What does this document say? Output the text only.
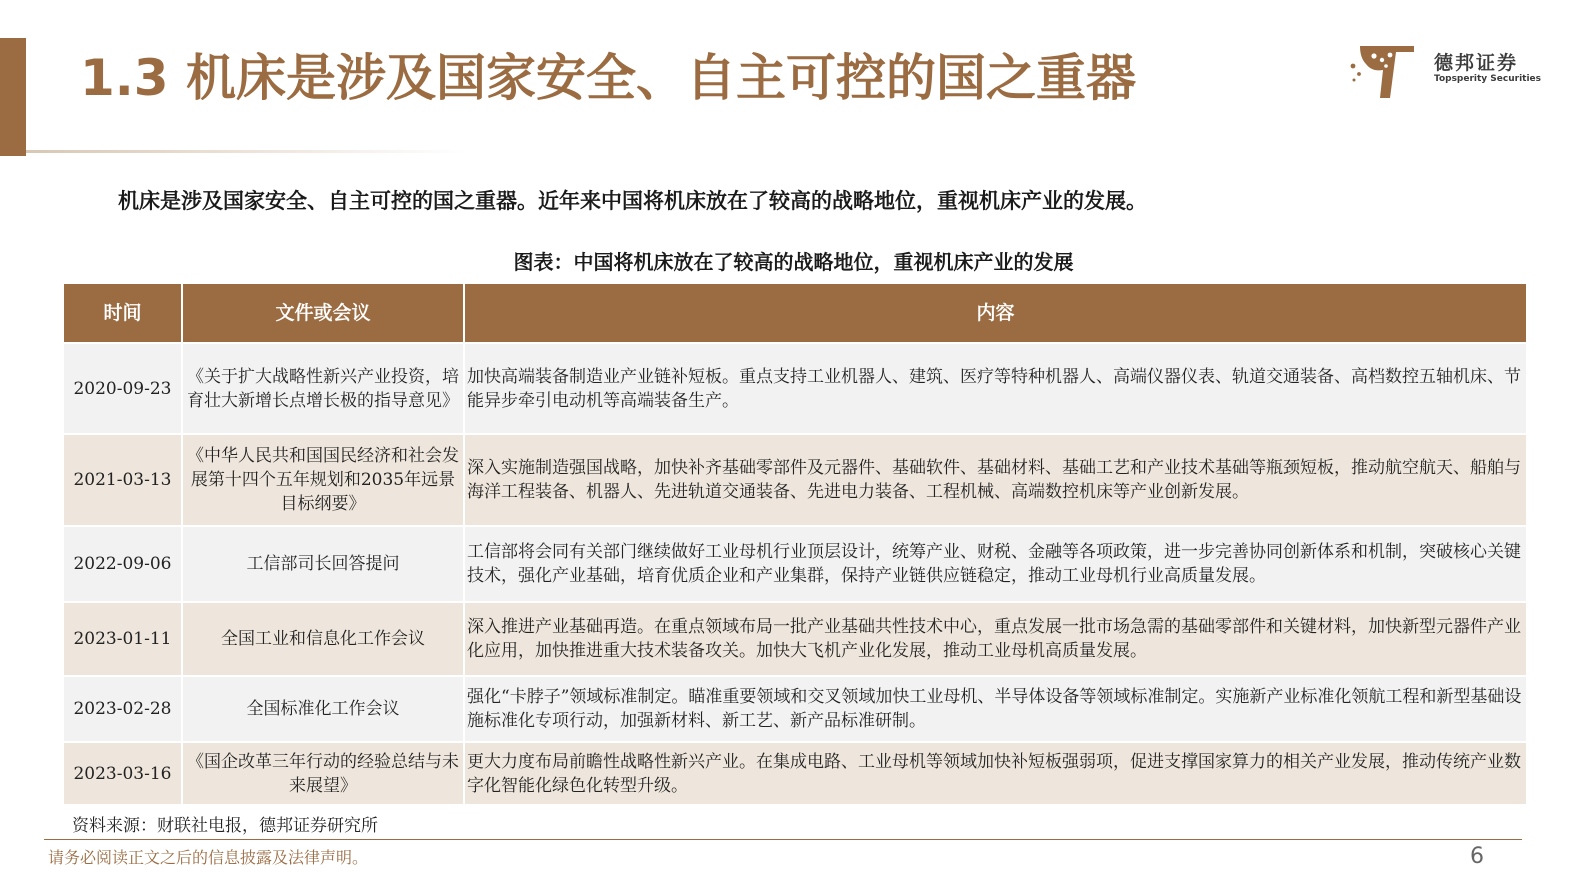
1.3 机床是涉及国家安全、自主可控的国之重器	德邦证券
Topsperity Securities
机床是涉及国家安全、自主可控的国之重器。近年来中国将机床放在了较高的战略地位，重视机床产业的发展。
图表：中国将机床放在了较高的战略地位，重视机床产业的发展
时间	文件或会议	内容
2020-09-23	《关于扩大战略性新兴产业投资，培育壮大新增长点增长极的指导意见》	加快高端装备制造业产业链补短板。重点支持工业机器人、建筑、医疗等特种机器人、高端仪器仪表、轨道交通装备、高档数控五轴机床、节能异步牵引电动机等高端装备生产。
2021-03-13	《中华人民共和国国民经济和社会发展第十四个五年规划和2035年远景目标纲要》	深入实施制造强国战略，加快补齐基础零部件及元器件、基础软件、基础材料、基础工艺和产业技术基础等瓶颈短板，推动航空航天、船舶与海洋工程装备、机器人、先进轨道交通装备、先进电力装备、工程机械、高端数控机床等产业创新发展。
2022-09-06	工信部司长回答提问	工信部将会同有关部门继续做好工业母机行业顶层设计，统筹产业、财税、金融等各项政策，进一步完善协同创新体系和机制，突破核心关键技术，强化产业基础，培育优质企业和产业集群，保持产业链供应链稳定，推动工业母机行业高质量发展。
2023-01-11	全国工业和信息化工作会议	深入推进产业基础再造。在重点领域布局一批产业基础共性技术中心，重点发展一批市场急需的基础零部件和关键材料，加快新型元器件产业化应用，加快推进重大技术装备攻关。加快大飞机产业化发展，推动工业母机高质量发展。
2023-02-28	全国标准化工作会议	强化“卡脖子”领域标准制定。瞄准重要领域和交叉领域加快工业母机、半导体设备等领域标准制定。实施新产业标准化领航工程和新型基础设施标准化专项行动，加强新材料、新工艺、新产品标准研制。
2023-03-16	《国企改革三年行动的经验总结与未来展望》	更大力度布局前瞻性战略性新兴产业。在集成电路、工业母机等领域加快补短板强弱项，促进支撑国家算力的相关产业发展，推动传统产业数字化智能化绿色化转型升级。
资料来源：财联社电报，德邦证券研究所
请务必阅读正文之后的信息披露及法律声明。	6
